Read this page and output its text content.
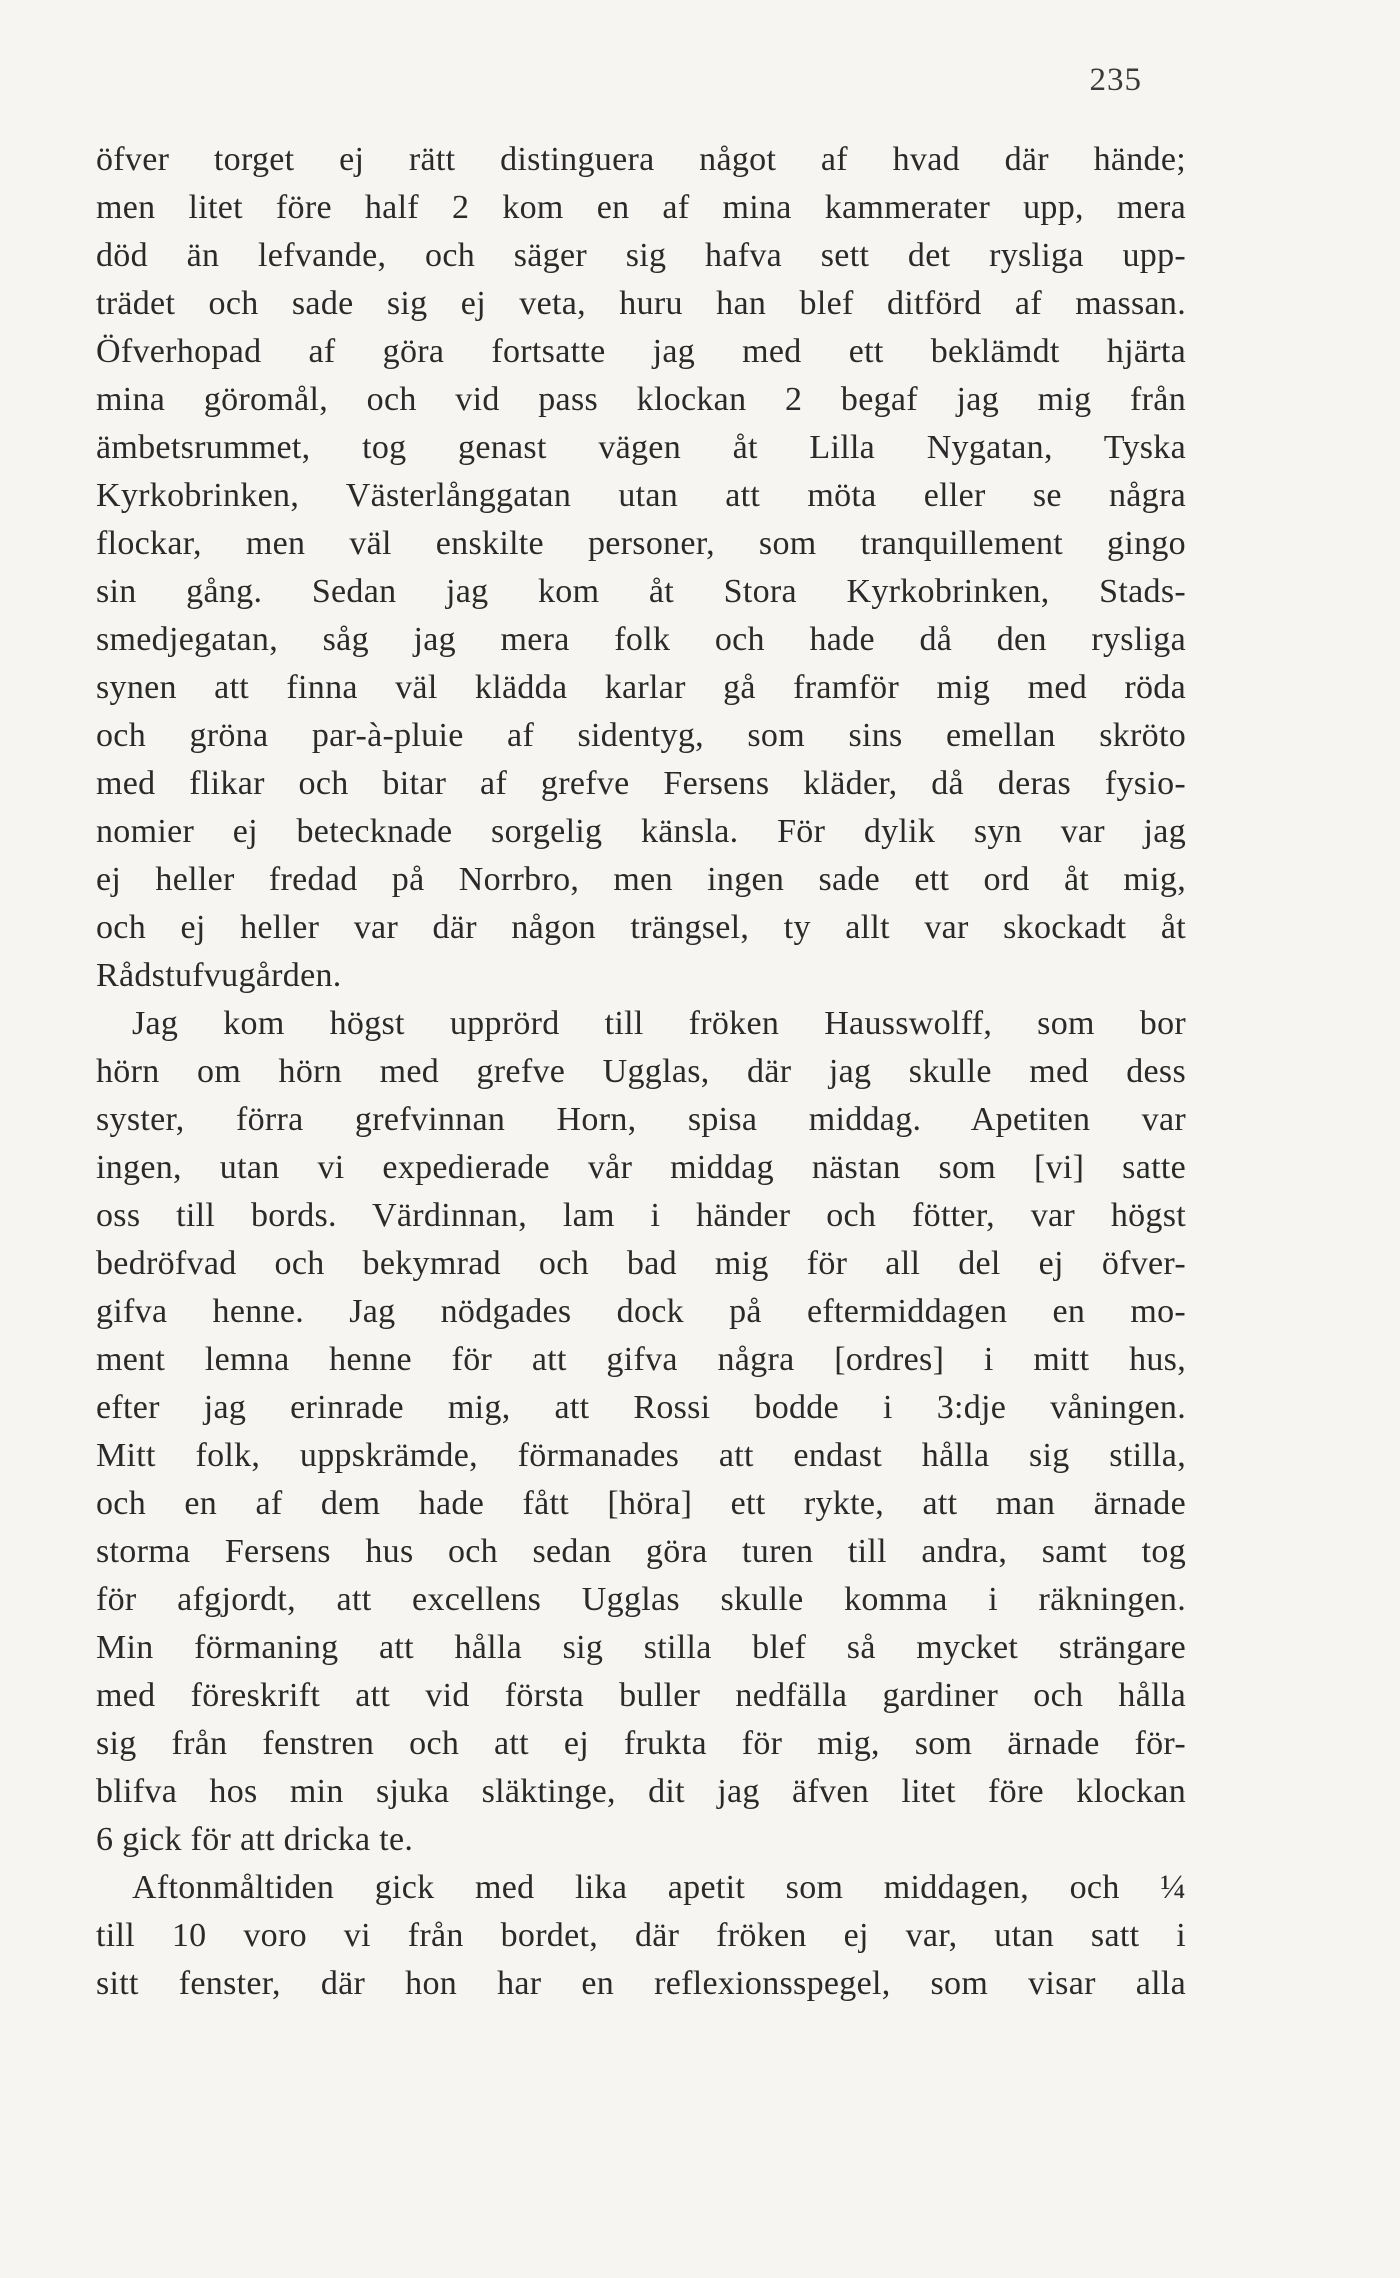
235
öfver torget ej rätt distinguera något af hvad där hände;
men litet före half 2 kom en af mina kammerater upp, mera
död än lefvande, och säger sig hafva sett det rysliga upp-
trädet och sade sig ej veta, huru han blef ditförd af massan.
Öfverhopad af göra fortsatte jag med ett beklämdt hjärta
mina göromål, och vid pass klockan 2 begaf jag mig från
ämbetsrummet, tog genast vägen åt Lilla Nygatan, Tyska
Kyrkobrinken, Västerlånggatan utan att möta eller se några
flockar, men väl enskilte personer, som tranquillement gingo
sin gång. Sedan jag kom åt Stora Kyrkobrinken, Stads-
smedjegatan, såg jag mera folk och hade då den rysliga
synen att finna väl klädda karlar gå framför mig med röda
och gröna par-à-pluie af sidentyg, som sins emellan skröto
med flikar och bitar af grefve Fersens kläder, då deras fysio-
nomier ej betecknade sorgelig känsla. För dylik syn var jag
ej heller fredad på Norrbro, men ingen sade ett ord åt mig,
och ej heller var där någon trängsel, ty allt var skockadt åt
Rådstufvugården.
Jag kom högst upprörd till fröken Hausswolff, som bor
hörn om hörn med grefve Ugglas, där jag skulle med dess
syster, förra grefvinnan Horn, spisa middag. Apetiten var
ingen, utan vi expedierade vår middag nästan som [vi] satte
oss till bords. Värdinnan, lam i händer och fötter, var högst
bedröfvad och bekymrad och bad mig för all del ej öfver-
gifva henne. Jag nödgades dock på eftermiddagen en mo-
ment lemna henne för att gifva några [ordres] i mitt hus,
efter jag erinrade mig, att Rossi bodde i 3:dje våningen.
Mitt folk, uppskrämde, förmanades att endast hålla sig stilla,
och en af dem hade fått [höra] ett rykte, att man ärnade
storma Fersens hus och sedan göra turen till andra, samt tog
för afgjordt, att excellens Ugglas skulle komma i räkningen.
Min förmaning att hålla sig stilla blef så mycket strängare
med föreskrift att vid första buller nedfälla gardiner och hålla
sig från fenstren och att ej frukta för mig, som ärnade för-
blifva hos min sjuka släktinge, dit jag äfven litet före klockan
6 gick för att dricka te.
Aftonmåltiden gick med lika apetit som middagen, och ¼
till 10 voro vi från bordet, där fröken ej var, utan satt i
sitt fenster, där hon har en reflexionsspegel, som visar alla
